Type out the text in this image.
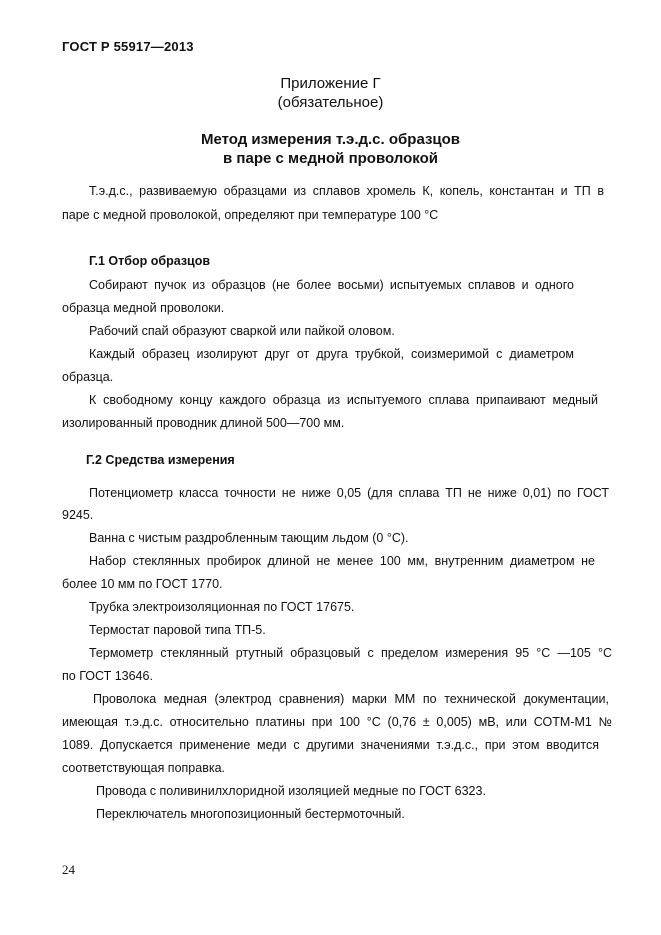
ГОСТ Р 55917—2013
Приложение Г
(обязательное)
Метод измерения т.э.д.с. образцов
в паре с медной проволокой
Т.э.д.с., развиваемую образцами из сплавов хромель К, копель, константан и ТП в
паре с медной проволокой, определяют при температуре 100 °С
Г.1 Отбор образцов
Собирают пучок из образцов (не более восьми) испытуемых сплавов и одного
образца медной проволоки.
Рабочий спай образуют сваркой или пайкой оловом.
Каждый образец изолируют друг от друга трубкой, соизмеримой с диаметром
образца.
К свободному концу каждого образца из испытуемого сплава припаивают медный
изолированный проводник длиной 500—700 мм.
Г.2 Средства измерения
Потенциометр класса точности не ниже 0,05 (для сплава ТП не ниже 0,01) по ГОСТ
9245.
Ванна с чистым раздробленным тающим льдом (0 °С).
Набор стеклянных пробирок длиной не менее 100 мм, внутренним диаметром не
более 10 мм по ГОСТ 1770.
Трубка электроизоляционная по ГОСТ 17675.
Термостат паровой типа ТП-5.
Термометр стеклянный ртутный образцовый с пределом измерения 95 °С —105 °С
по ГОСТ 13646.
Проволока медная (электрод сравнения) марки ММ по технической документации,
имеющая т.э.д.с. относительно платины при 100 °С (0,76 ± 0,005) мВ, или СОТМ-М1 №
1089. Допускается применение меди с другими значениями т.э.д.с., при этом вводится
соответствующая поправка.
Провода с поливинилхлоридной изоляцией медные по ГОСТ 6323.
Переключатель многопозиционный бестермоточный.
24
